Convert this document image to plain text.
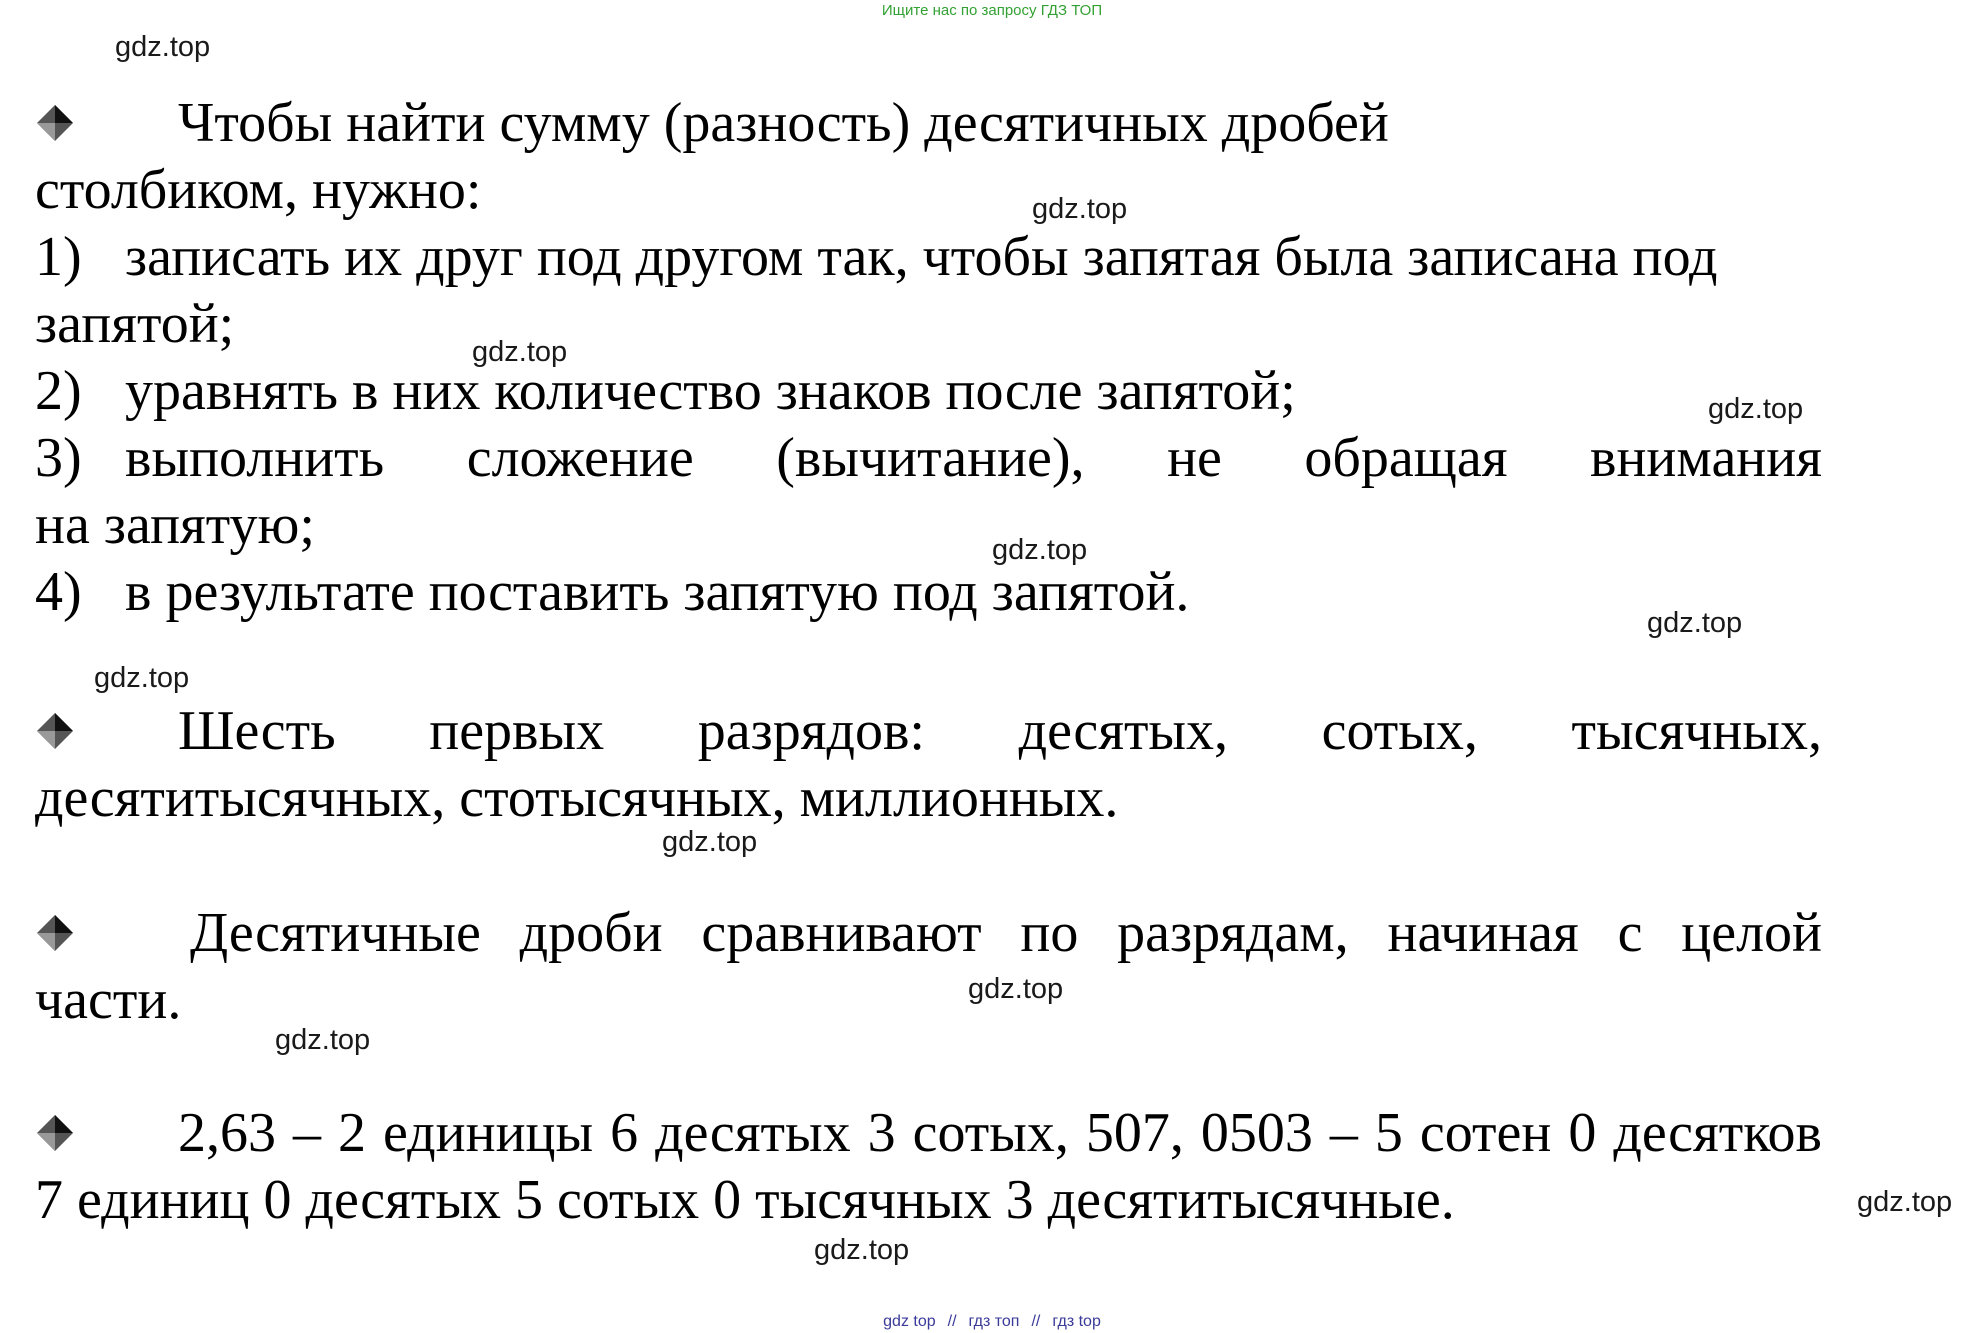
Ищите нас по запросу ГДЗ ТОП
gdz.top
gdz.top
gdz.top
gdz.top
gdz.top
gdz.top
gdz.top
gdz.top
gdz.top
gdz.top
gdz.top
gdz.top
Чтобы найти сумму (разность) десятичных дробей
столбиком, нужно:
1) записать их друг под другом так, чтобы запятая была записана под
запятой;
2) уравнять в них количество знаков после запятой;
3) выполнить сложение (вычитание), не обращая внимания
на запятую;
4) в результате поставить запятую под запятой.
Шесть первых разрядов: десятых, сотых, тысячных,
десятитысячных, стотысячных, миллионных.
Десятичные дроби сравнивают по разрядам, начиная с целой
части.
2,63 – 2 единицы 6 десятых 3 сотых, 507, 0503 – 5 сотен 0 десятков
7 единиц 0 десятых 5 сотых 0 тысячных 3 десятитысячные.
gdz top // гдз топ // гдз top
